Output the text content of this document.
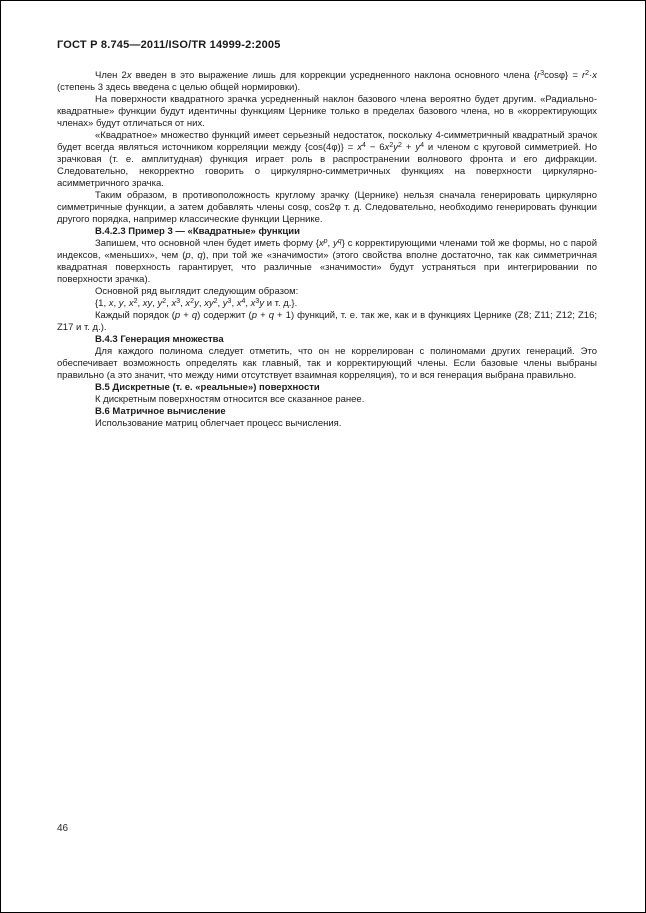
ГОСТ Р 8.745—2011/ISO/TR 14999-2:2005

Член 2x введен в это выражение лишь для коррекции усредненного наклона основного члена $\{r^3\cos\varphi\} = r^2\cdot x$ (степень 3 здесь введена с целью общей нормировки).

На поверхности квадратного зрачка усредненный наклон базового члена вероятно будет другим. «Радиально-квадратные» функции будут идентичны функциям Цернике только в пределах базового члена, но в «корректирующих членах» будут отличаться от них.

«Квадратное» множество функций имеет серьезный недостаток, поскольку 4-симметричный квадратный зрачок будет всегда являться источником корреляции между $\{\cos(4\varphi)\} = x^4 - 6x^2y^2 + y^4$ и членом с круговой симметрией. Но зрачковая (т. е. амплитудная) функция играет роль в распространении волнового фронта и его дифракции. Следовательно, некорректно говорить о циркулярно-симметричных функциях на поверхности циркулярно-асимметричного зрачка.

Таким образом, в противоположность круглому зрачку (Цернике) нельзя сначала генерировать циркулярно симметричные функции, а затем добавлять члены cosφ, cos2φ т. д. Следовательно, необходимо генерировать функции другого порядка, например классические функции Цернике.

В.4.2.3 Пример 3 — «Квадратные» функции

Запишем, что основной член будет иметь форму {$x^p$, $y^q$} с корректирующими членами той же формы, но с парой индексов, «меньших», чем (p, q), при той же «значимости» (этого свойства вполне достаточно, так как симметричная квадратная поверхность гарантирует, что различные «значимости» будут устраняться при интегрировании по поверхности зрачка).

Основной ряд выглядит следующим образом:

{1, x, y, $x^2$, xy, $y^2$, $x^3$, $x^2y$, $xy^2$, $y^3$, $x^4$, $x^3y$ и т. д.}.

Каждый порядок (p + q) содержит (p + q + 1) функций, т. е. так же, как и в функциях Цернике (Z8; Z11; Z12; Z16; Z17 и т. д.).

В.4.3 Генерация множества

Для каждого полинома следует отметить, что он не коррелирован с полиномами других генераций. Это обеспечивает возможность определять как главный, так и корректирующий члены. Если базовые члены выбраны правильно (а это значит, что между ними отсутствует взаимная корреляция), то и вся генерация выбрана правильно.

В.5 Дискретные (т. е. «реальные») поверхности

К дискретным поверхностям относится все сказанное ранее.

В.6 Матричное вычисление

Использование матриц облегчает процесс вычисления.

46
